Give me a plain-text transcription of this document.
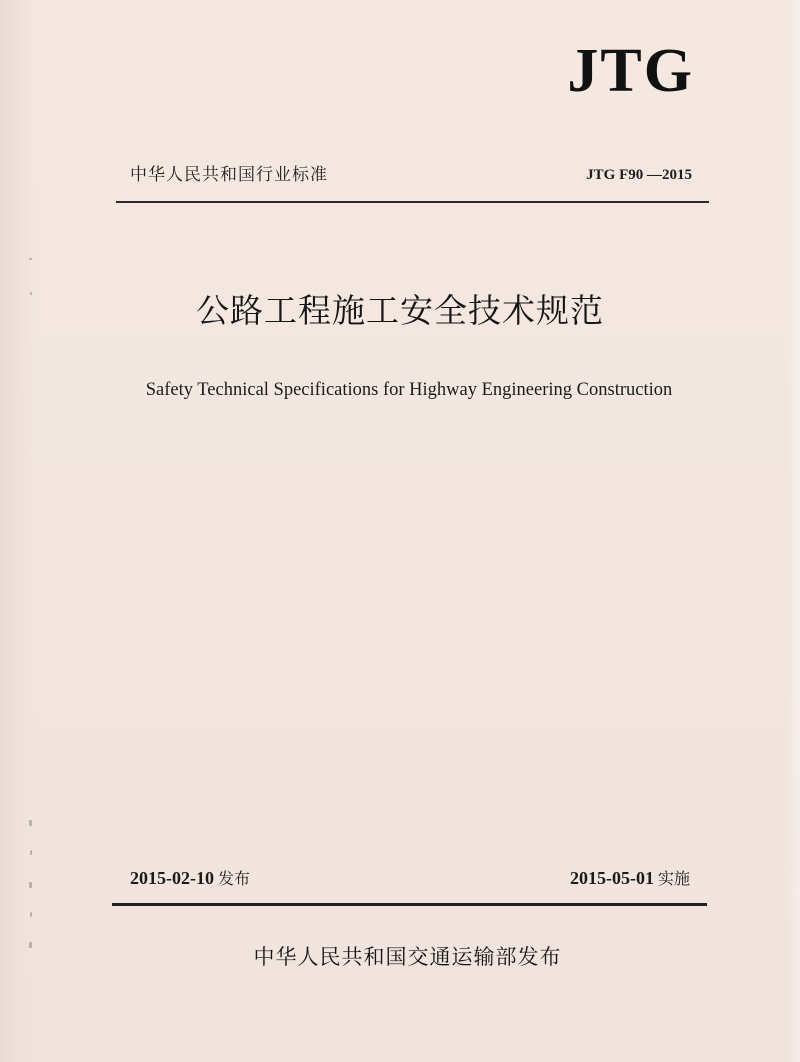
JTG
中华人民共和国行业标准	JTG F90 —2015
公路工程施工安全技术规范
Safety Technical Specifications for Highway Engineering Construction
2015-02-10 发布	2015-05-01 实施
中华人民共和国交通运输部发布
